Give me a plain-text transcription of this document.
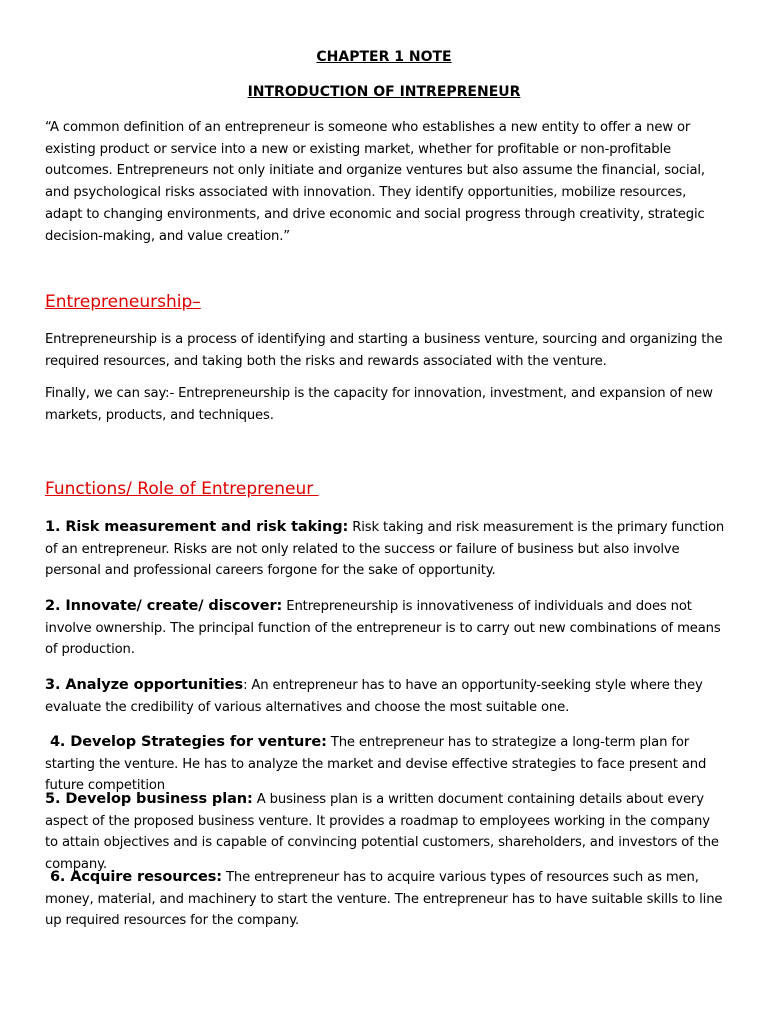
CHAPTER 1 NOTE
INTRODUCTION OF INTREPRENEUR

“A common definition of an entrepreneur is someone who establishes a new entity to offer a new or existing product or service into a new or existing market, whether for profitable or non-profitable outcomes. Entrepreneurs not only initiate and organize ventures but also assume the financial, social, and psychological risks associated with innovation. They identify opportunities, mobilize resources, adapt to changing environments, and drive economic and social progress through creativity, strategic decision-making, and value creation.”

Entrepreneurship–

Entrepreneurship is a process of identifying and starting a business venture, sourcing and organizing the required resources, and taking both the risks and rewards associated with the venture.

Finally, we can say:- Entrepreneurship is the capacity for innovation, investment, and expansion of new markets, products, and techniques.

Functions/ Role of Entrepreneur

1. Risk measurement and risk taking: Risk taking and risk measurement is the primary function of an entrepreneur. Risks are not only related to the success or failure of business but also involve personal and professional careers forgone for the sake of opportunity.

2. Innovate/ create/ discover: Entrepreneurship is innovativeness of individuals and does not involve ownership. The principal function of the entrepreneur is to carry out new combinations of means of production.

3. Analyze opportunities: An entrepreneur has to have an opportunity-seeking style where they evaluate the credibility of various alternatives and choose the most suitable one.

4. Develop Strategies for venture: The entrepreneur has to strategize a long-term plan for starting the venture. He has to analyze the market and devise effective strategies to face present and future competition

5. Develop business plan: A business plan is a written document containing details about every aspect of the proposed business venture. It provides a roadmap to employees working in the company to attain objectives and is capable of convincing potential customers, shareholders, and investors of the company.

6. Acquire resources: The entrepreneur has to acquire various types of resources such as men, money, material, and machinery to start the venture. The entrepreneur has to have suitable skills to line up required resources for the company.
